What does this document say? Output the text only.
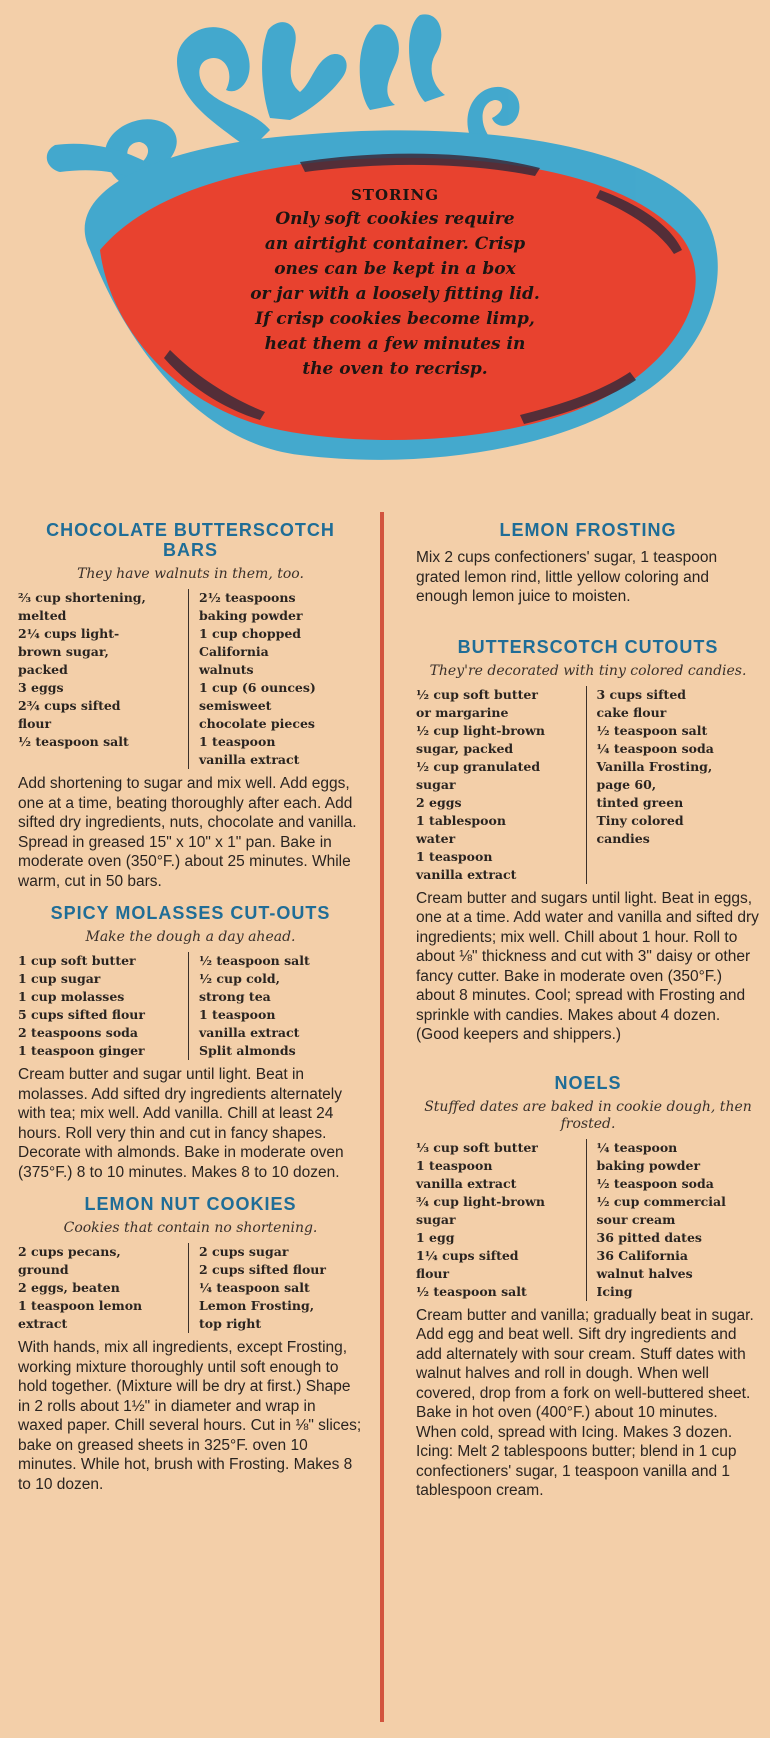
STORING
Only soft cookies require
an airtight container. Crisp
ones can be kept in a box
or jar with a loosely fitting lid.
If crisp cookies become limp,
heat them a few minutes in
the oven to recrisp.
CHOCOLATE BUTTERSCOTCH
BARS
They have walnuts in them, too.
⅔ cup shortening,
melted
2¼ cups light-
brown sugar,
packed
3 eggs
2¾ cups sifted
flour
½ teaspoon salt
2½ teaspoons
baking powder
1 cup chopped
California
walnuts
1 cup (6 ounces)
semisweet
chocolate pieces
1 teaspoon
vanilla extract

Add shortening to sugar and mix well. Add eggs, one at a time, beating thoroughly after each. Add sifted dry ingredients, nuts, chocolate and vanilla. Spread in greased 15" x 10" x 1" pan. Bake in moderate oven (350°F.) about 25 minutes. While warm, cut in 50 bars.

SPICY MOLASSES CUT-OUTS
Make the dough a day ahead.
1 cup soft butter
1 cup sugar
1 cup molasses
5 cups sifted flour
2 teaspoons soda
1 teaspoon ginger
½ teaspoon salt
½ cup cold,
strong tea
1 teaspoon
vanilla extract
Split almonds

Cream butter and sugar until light. Beat in molasses. Add sifted dry ingredients alternately with tea; mix well. Add vanilla. Chill at least 24 hours. Roll very thin and cut in fancy shapes. Decorate with almonds. Bake in moderate oven (375°F.) 8 to 10 minutes. Makes 8 to 10 dozen.

LEMON NUT COOKIES
Cookies that contain no shortening.
2 cups pecans,
ground
2 eggs, beaten
1 teaspoon lemon
extract
2 cups sugar
2 cups sifted flour
¼ teaspoon salt
Lemon Frosting,
top right

With hands, mix all ingredients, except Frosting, working mixture thoroughly until soft enough to hold together. (Mixture will be dry at first.) Shape in 2 rolls about 1½" in diameter and wrap in waxed paper. Chill several hours. Cut in ⅛" slices; bake on greased sheets in 325°F. oven 10 minutes. While hot, brush with Frosting. Makes 8 to 10 dozen.

LEMON FROSTING

Mix 2 cups confectioners' sugar, 1 teaspoon grated lemon rind, little yellow coloring and enough lemon juice to moisten.

BUTTERSCOTCH CUTOUTS
They're decorated with tiny colored candies.
½ cup soft butter
or margarine
½ cup light-brown
sugar, packed
½ cup granulated
sugar
2 eggs
1 tablespoon
water
1 teaspoon
vanilla extract
3 cups sifted
cake flour
½ teaspoon salt
¼ teaspoon soda
Vanilla Frosting,
page 60,
tinted green
Tiny colored
candies

Cream butter and sugars until light. Beat in eggs, one at a time. Add water and vanilla and sifted dry ingredients; mix well. Chill about 1 hour. Roll to about ⅛" thickness and cut with 3" daisy or other fancy cutter. Bake in moderate oven (350°F.) about 8 minutes. Cool; spread with Frosting and sprinkle with candies. Makes about 4 dozen. (Good keepers and shippers.)

NOELS
Stuffed dates are baked in cookie dough, then frosted.
⅓ cup soft butter
1 teaspoon
vanilla extract
¾ cup light-brown
sugar
1 egg
1¼ cups sifted
flour
½ teaspoon salt
¼ teaspoon
baking powder
½ teaspoon soda
½ cup commercial
sour cream
36 pitted dates
36 California
walnut halves
Icing

Cream butter and vanilla; gradually beat in sugar. Add egg and beat well. Sift dry ingredients and add alternately with sour cream. Stuff dates with walnut halves and roll in dough. When well covered, drop from a fork on well-buttered sheet. Bake in hot oven (400°F.) about 10 minutes. When cold, spread with Icing. Makes 3 dozen. Icing: Melt 2 tablespoons butter; blend in 1 cup confectioners' sugar, 1 teaspoon vanilla and 1 tablespoon cream.
